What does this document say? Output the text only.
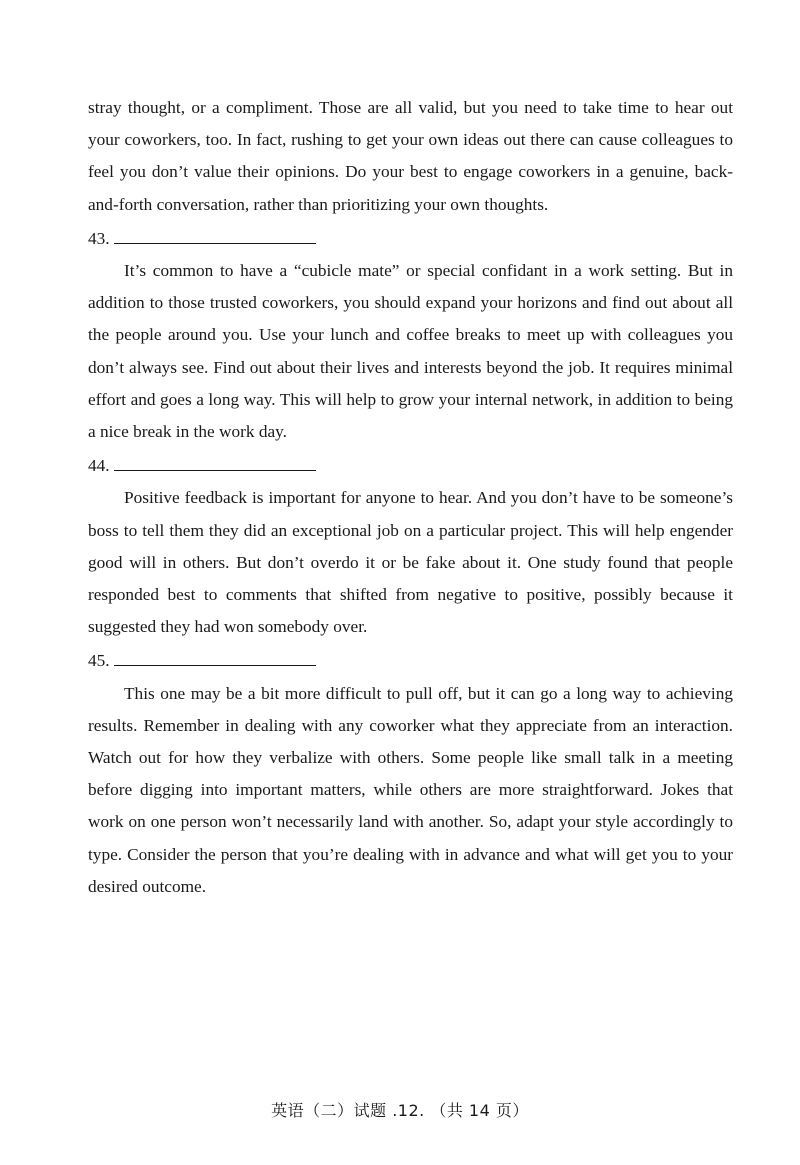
stray thought, or a compliment. Those are all valid, but you need to take time to hear out your coworkers, too. In fact, rushing to get your own ideas out there can cause colleagues to feel you don’t value their opinions. Do your best to engage coworkers in a genuine, back-and-forth conversation, rather than prioritizing your own thoughts.

43.

It’s common to have a “cubicle mate” or special confidant in a work setting. But in addition to those trusted coworkers, you should expand your horizons and find out about all the people around you. Use your lunch and coffee breaks to meet up with colleagues you don’t always see. Find out about their lives and interests beyond the job. It requires minimal effort and goes a long way. This will help to grow your internal network, in addition to being a nice break in the work day.

44.

Positive feedback is important for anyone to hear. And you don’t have to be someone’s boss to tell them they did an exceptional job on a particular project. This will help engender good will in others. But don’t overdo it or be fake about it. One study found that people responded best to comments that shifted from negative to positive, possibly because it suggested they had won somebody over.

45.

This one may be a bit more difficult to pull off, but it can go a long way to achieving results. Remember in dealing with any coworker what they appreciate from an interaction. Watch out for how they verbalize with others. Some people like small talk in a meeting before digging into important matters, while others are more straightforward. Jokes that work on one person won’t necessarily land with another. So, adapt your style accordingly to type. Consider the person that you’re dealing with in advance and what will get you to your desired outcome.

英语（二）试题 .12. （共 14 页）
